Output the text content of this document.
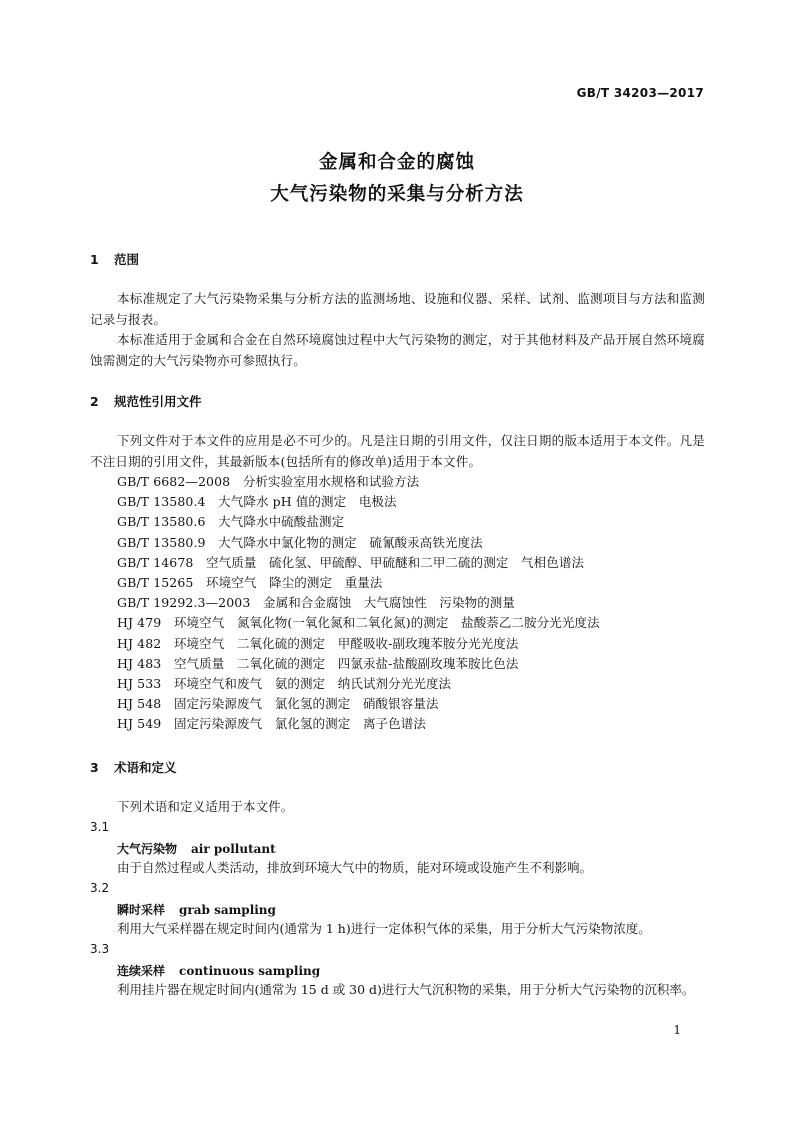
GB/T 34203—2017
金属和合金的腐蚀
大气污染物的采集与分析方法
1 范围
本标准规定了大气污染物采集与分析方法的监测场地、设施和仪器、采样、试剂、监测项目与方法和监测记录与报表。
本标准适用于金属和合金在自然环境腐蚀过程中大气污染物的测定，对于其他材料及产品开展自然环境腐蚀需测定的大气污染物亦可参照执行。
2 规范性引用文件
下列文件对于本文件的应用是必不可少的。凡是注日期的引用文件，仅注日期的版本适用于本文件。凡是不注日期的引用文件，其最新版本(包括所有的修改单)适用于本文件。
GB/T 6682—2008　分析实验室用水规格和试验方法
GB/T 13580.4　大气降水 pH 值的测定　电极法
GB/T 13580.6　大气降水中硫酸盐测定
GB/T 13580.9　大气降水中氯化物的测定　硫氰酸汞高铁光度法
GB/T 14678　空气质量　硫化氢、甲硫醇、甲硫醚和二甲二硫的测定　气相色谱法
GB/T 15265　环境空气　降尘的测定　重量法
GB/T 19292.3—2003　金属和合金腐蚀　大气腐蚀性　污染物的测量
HJ 479　环境空气　氮氧化物(一氧化氮和二氧化氮)的测定　盐酸萘乙二胺分光光度法
HJ 482　环境空气　二氧化硫的测定　甲醛吸收-副玫瑰苯胺分光光度法
HJ 483　空气质量　二氧化硫的测定　四氯汞盐-盐酸副玫瑰苯胺比色法
HJ 533　环境空气和废气　氨的测定　纳氏试剂分光光度法
HJ 548　固定污染源废气　氯化氢的测定　硝酸银容量法
HJ 549　固定污染源废气　氯化氢的测定　离子色谱法
3 术语和定义
下列术语和定义适用于本文件。
3.1
大气污染物 air pollutant
由于自然过程或人类活动，排放到环境大气中的物质，能对环境或设施产生不利影响。
3.2
瞬时采样 grab sampling
利用大气采样器在规定时间内(通常为 1 h)进行一定体积气体的采集，用于分析大气污染物浓度。
3.3
连续采样 continuous sampling
利用挂片器在规定时间内(通常为 15 d 或 30 d)进行大气沉积物的采集，用于分析大气污染物的沉积率。
1
